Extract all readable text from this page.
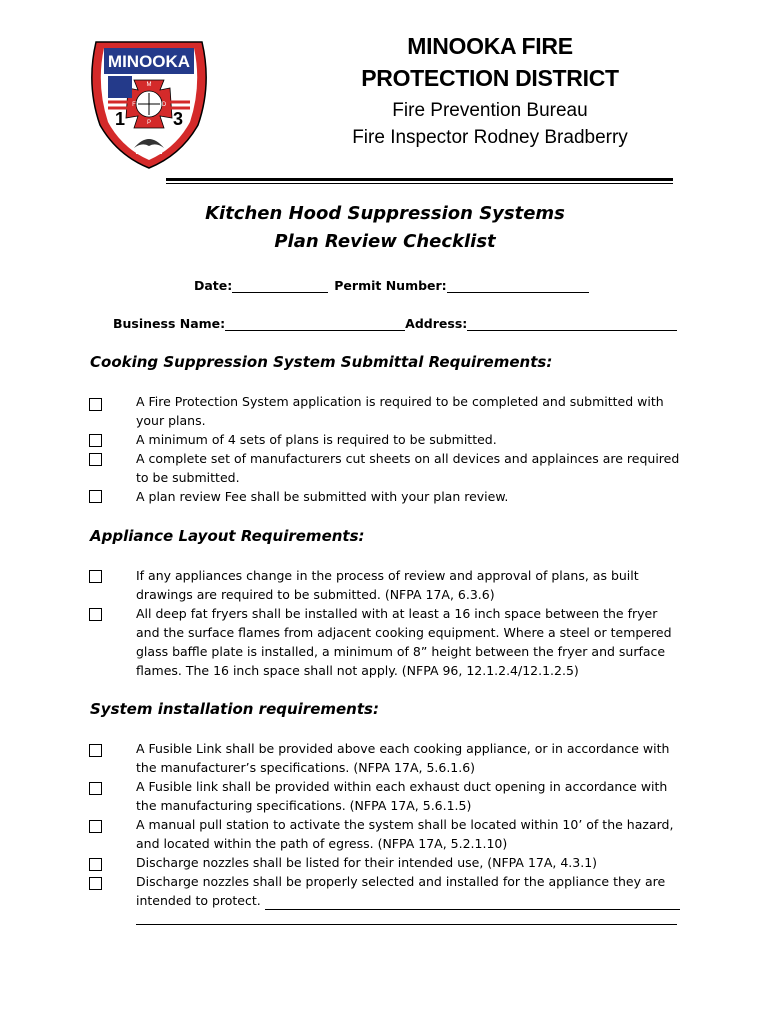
MINOOKA
1	3
M
F	D
P
MINOOKA FIRE
PROTECTION DISTRICT
Fire Prevention Bureau
Fire Inspector Rodney Bradberry
Kitchen Hood Suppression Systems
Plan Review Checklist
Date:	Permit Number:
Business Name:	Address:
Cooking Suppression System Submittal Requirements:
A Fire Protection System application is required to be completed and submitted with your plans.
A minimum of 4 sets of plans is required to be submitted.
A complete set of manufacturers cut sheets on all devices and applainces are required to be submitted.
A plan review Fee shall be submitted with your plan review.
Appliance Layout Requirements:
If any appliances change in the process of review and approval of plans, as built drawings are required to be submitted. (NFPA 17A, 6.3.6)
All deep fat fryers shall be installed with at least a 16 inch space between the fryer and the surface flames from adjacent cooking equipment. Where a steel or tempered glass baffle plate is installed, a minimum of 8” height between the fryer and surface flames. The 16 inch space shall not apply. (NFPA 96, 12.1.2.4/12.1.2.5)
System installation requirements:
A Fusible Link shall be provided above each cooking appliance, or in accordance with the manufacturer’s specifications. (NFPA 17A, 5.6.1.6)
A Fusible link shall be provided within each exhaust duct opening in accordance with the manufacturing specifications. (NFPA 17A, 5.6.1.5)
A manual pull station to activate the system shall be located within 10’ of the hazard, and located within the path of egress. (NFPA 17A, 5.2.1.10)
Discharge nozzles shall be listed for their intended use, (NFPA 17A, 4.3.1)
Discharge nozzles shall be properly selected and installed for the appliance they are intended to protect.
